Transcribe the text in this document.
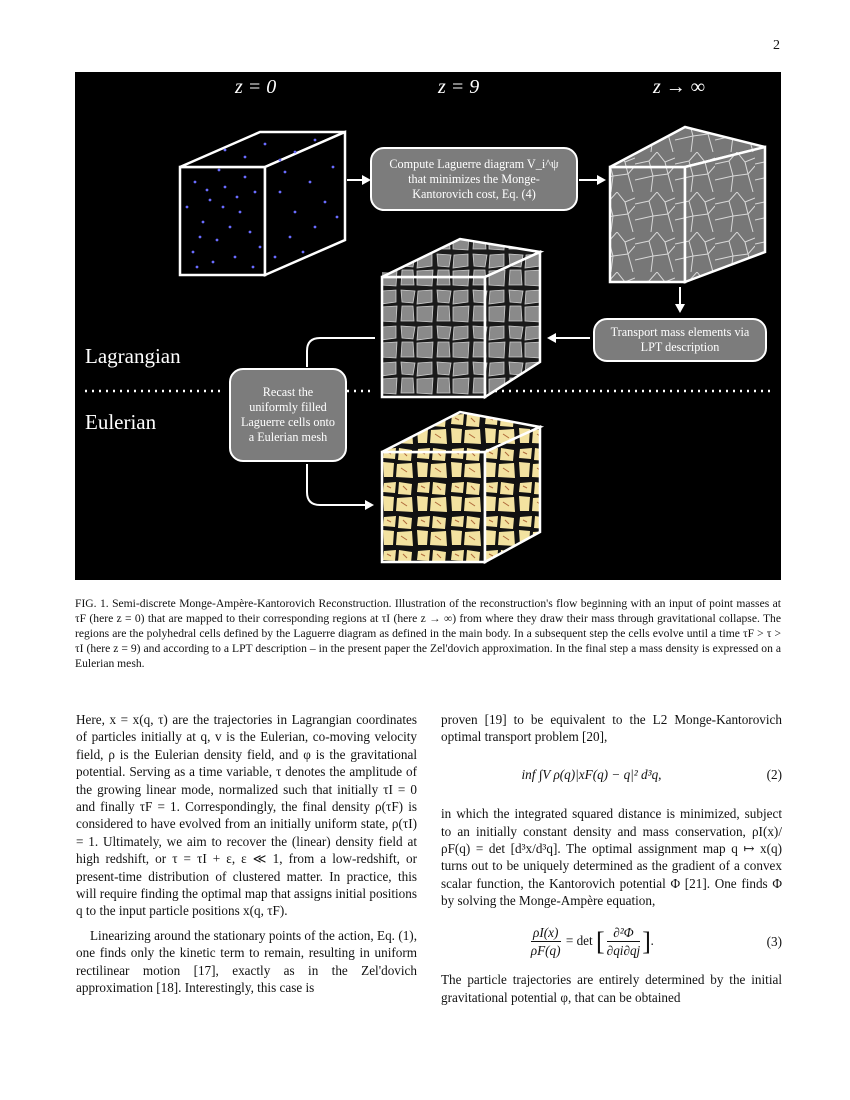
2
z = 0	z = 9	z → ∞
Lagrangian
Eulerian
Compute Laguerre diagram V_i^ψ that minimizes the Monge-Kantorovich cost, Eq. (4)
Transport mass elements via LPT description
Recast the uniformly filled Laguerre cells onto a Eulerian mesh
FIG. 1. Semi-discrete Monge-Ampère-Kantorovich Reconstruction. Illustration of the reconstruction's flow beginning with an input of point masses at τF (here z = 0) that are mapped to their corresponding regions at τI (here z → ∞) from where they draw their mass through gravitational collapse. The regions are the polyhedral cells defined by the Laguerre diagram as defined in the main body. In a subsequent step the cells evolve until a time τF > τ > τI (here z = 9) and according to a LPT description – in the present paper the Zel'dovich approximation. In the final step a mass density is expressed on a Eulerian mesh.

Here, x = x(q, τ) are the trajectories in Lagrangian coordinates of particles initially at q, v is the Eulerian, co-moving velocity field, ρ is the Eulerian density field, and φ is the gravitational potential. Serving as a time variable, τ denotes the amplitude of the growing linear mode, normalized such that initially τI = 0 and finally τF = 1. Correspondingly, the final density ρ(τF) is considered to have evolved from an initially uniform state, ρ(τI) = 1. Ultimately, we aim to recover the (linear) density field at high redshift, or τ = τI + ε, ε ≪ 1, from a low-redshift, or present-time distribution of clustered matter. In practice, this will require finding the optimal map that assigns initial positions q to the input particle positions x(q, τF).

Linearizing around the stationary points of the action, Eq. (1), one finds only the kinetic term to remain, resulting in uniform rectilinear motion [17], exactly as in the Zel'dovich approximation [18]. Interestingly, this case is

proven [19] to be equivalent to the L2 Monge-Kantorovich optimal transport problem [20],

inf ∫V ρ(q)|xF(q) − q|² d³q,	(2)

in which the integrated squared distance is minimized, subject to an initially constant density and mass conservation, ρI(x)/ρF(q) = det [d³x/d³q]. The optimal assignment map q ↦ x(q) turns out to be uniquely determined as the gradient of a convex scalar function, the Kantorovich potential Φ [21]. One finds Φ by solving the Monge-Ampère equation,

$\frac{\rho I(x)}{\rho F(q)} = \det$ [ $\frac{\text{∂²Φ}}{\partial qi\partial qj}$ ].	(3)

The particle trajectories are entirely determined by the initial gravitational potential φ, that can be obtained
